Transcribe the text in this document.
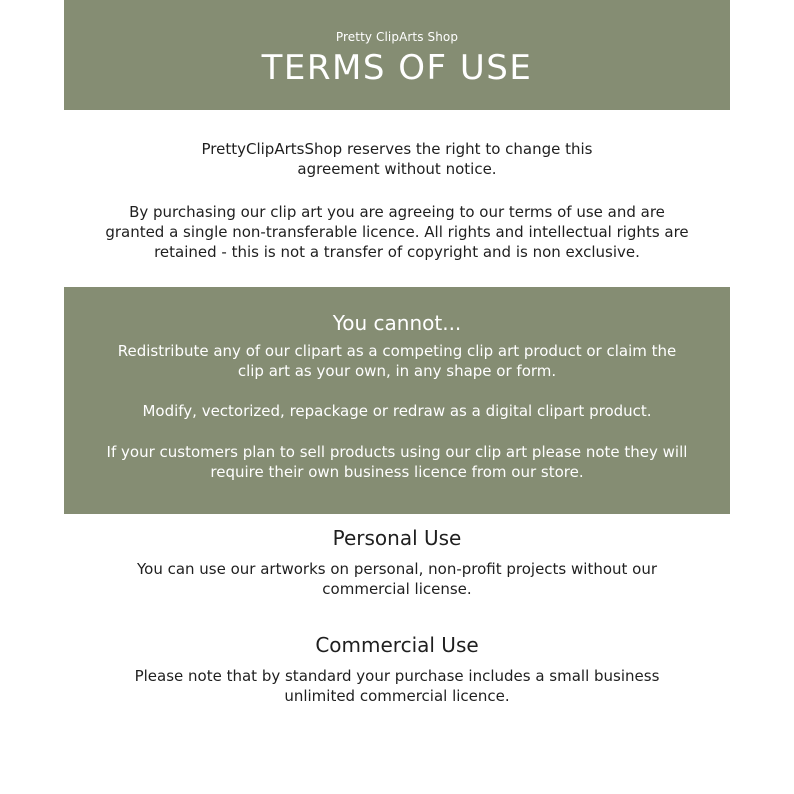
Pretty ClipArts Shop
TERMS OF USE
PrettyClipArtsShop reserves the right to change this
agreement without notice.
By purchasing our clip art you are agreeing to our terms of use and are
granted a single non-transferable licence. All rights and intellectual rights are
retained - this is not a transfer of copyright and is non exclusive.
You cannot...
Redistribute any of our clipart as a competing clip art product or claim the
clip art as your own, in any shape or form.
Modify, vectorized, repackage or redraw as a digital clipart product.
If your customers plan to sell products using our clip art please note they will
require their own business licence from our store.
Personal Use
You can use our artworks on personal, non-profit projects without our
commercial license.
Commercial Use
Please note that by standard your purchase includes a small business
unlimited commercial licence.
